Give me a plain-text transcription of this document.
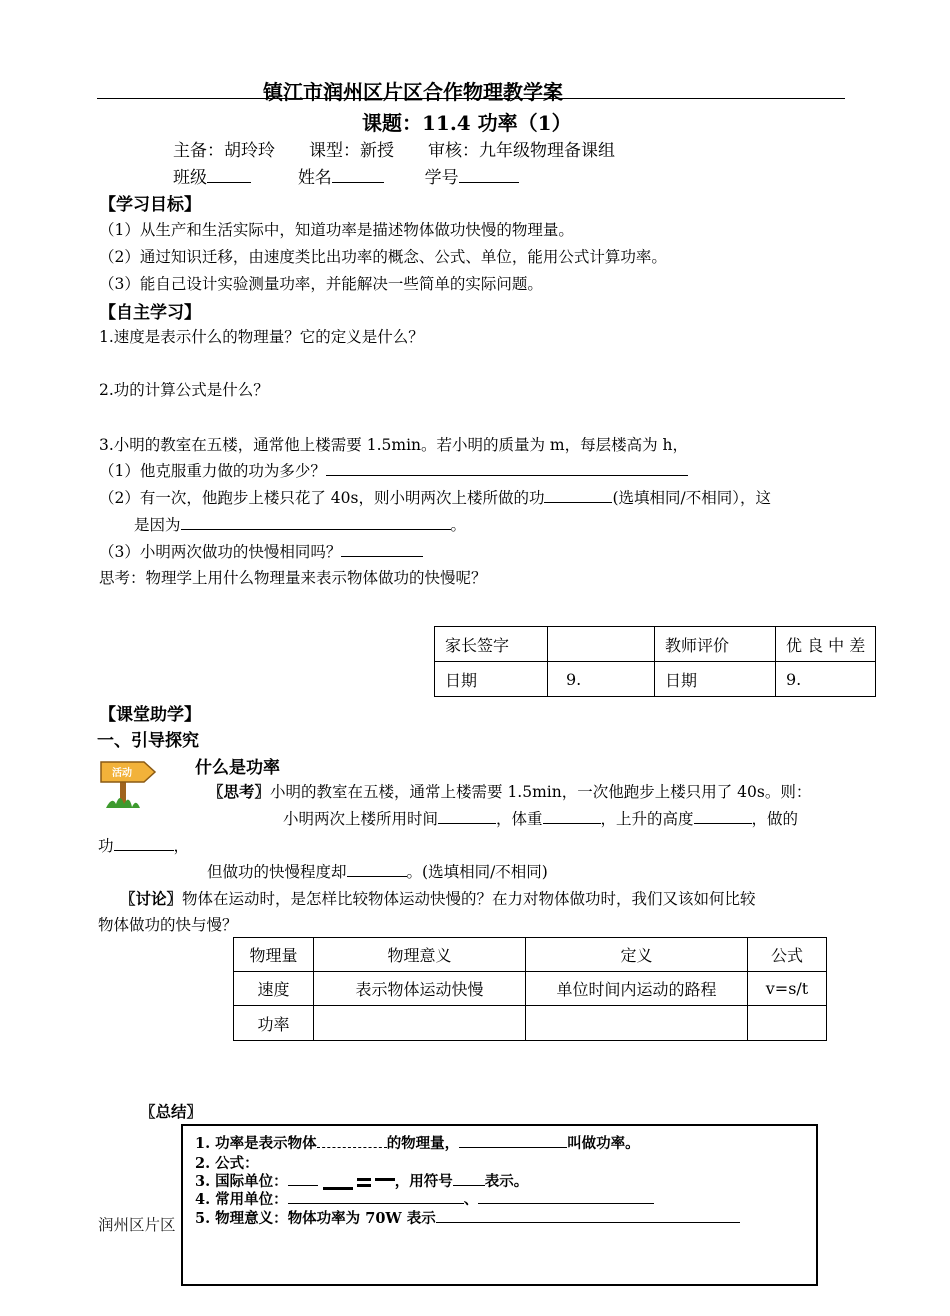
镇江市润州区片区合作物理教学案
课题：11.4 功率（1）
主备：胡玲玲　　课型：新授　　审核：九年级物理备课组
班级	姓名	学号
【学习目标】
（1）从生产和生活实际中，知道功率是描述物体做功快慢的物理量。
（2）通过知识迁移，由速度类比出功率的概念、公式、单位，能用公式计算功率。
（3）能自己设计实验测量功率，并能解决一些简单的实际问题。
【自主学习】
1.速度是表示什么的物理量？它的定义是什么？
2.功的计算公式是什么？
3.小明的教室在五楼，通常他上楼需要 1.5min。若小明的质量为 m，每层楼高为 h，
（1）他克服重力做的功为多少？
（2）有一次，他跑步上楼只花了 40s，则小明两次上楼所做的功	(选填相同/不相同），这
是因为	。
（3）小明两次做功的快慢相同吗？
思考：物理学上用什么物理量来表示物体做功的快慢呢？
家长签字		教师评价	优 良 中 差
日期	9.	日期	9.
【课堂助学】
一、引导探究
活动	什么是功率
〖思考〗小明的教室在五楼，通常上楼需要 1.5min，一次他跑步上楼只用了 40s。则：
小明两次上楼所用时间	，体重	，上升的高度	，做的
功	，
但做功的快慢程度却	。(选填相同/不相同)
〖讨论〗物体在运动时，是怎样比较物体运动快慢的？在力对物体做功时，我们又该如何比较
物体做功的快与慢？
物理量	物理意义	定义	公式
速度	表示物体运动快慢	单位时间内运动的路程	v=s/t
功率			
〖总结〗
润州区片区
1. 功率是表示物体	的物理量，	叫做功率。
2. 公式：
3. 国际单位：	，用符号 表示。
4. 常用单位：	、
5. 物理意义：物体功率为 70W 表示
